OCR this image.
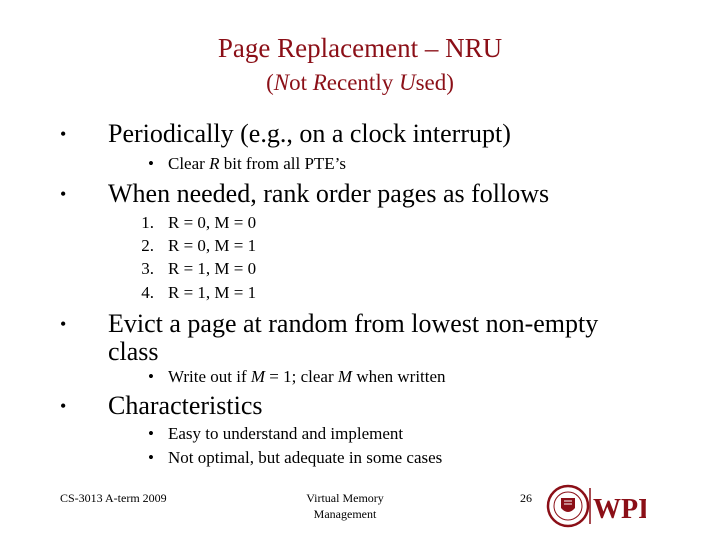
Page Replacement – NRU
(Not Recently Used)
• Periodically (e.g., on a clock interrupt)
• Clear R bit from all PTE’s
• When needed, rank order pages as follows
1. R = 0, M = 0
2. R = 0, M = 1
3. R = 1, M = 0
4. R = 1, M = 1
• Evict a page at random from lowest non-empty
class
• Write out if M = 1; clear M when written
• Characteristics
• Easy to understand and implement
• Not optimal, but adequate in some cases
CS-3013 A-term 2009	Virtual Memory
Management
26 WPI
